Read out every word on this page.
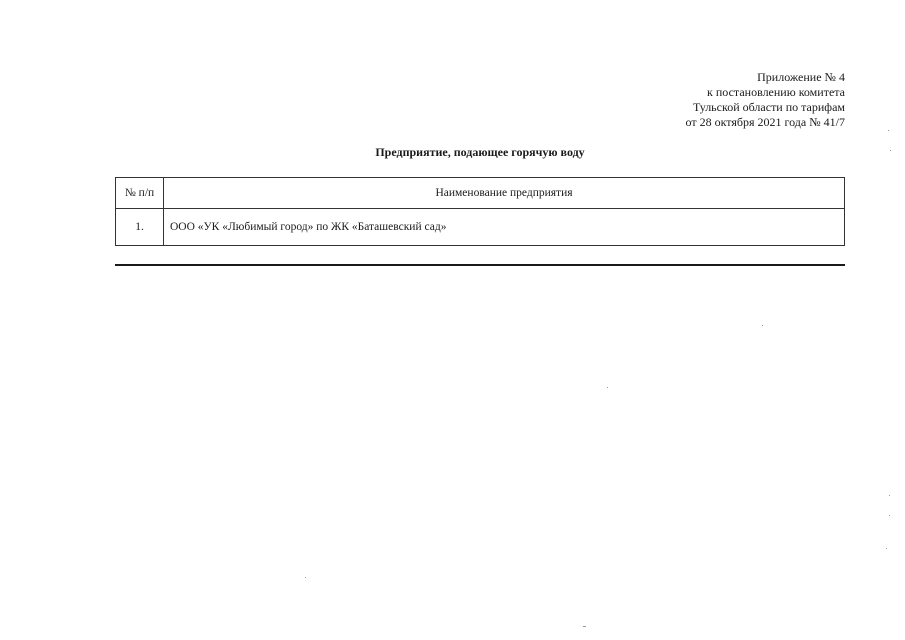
Приложение № 4
к постановлению комитета
Тульской области по тарифам
от 28 октября 2021 года № 41/7
Предприятие, подающее горячую воду
№ п/п	Наименование предприятия
1.	ООО «УК «Любимый город» по ЖК «Баташевский сад»
